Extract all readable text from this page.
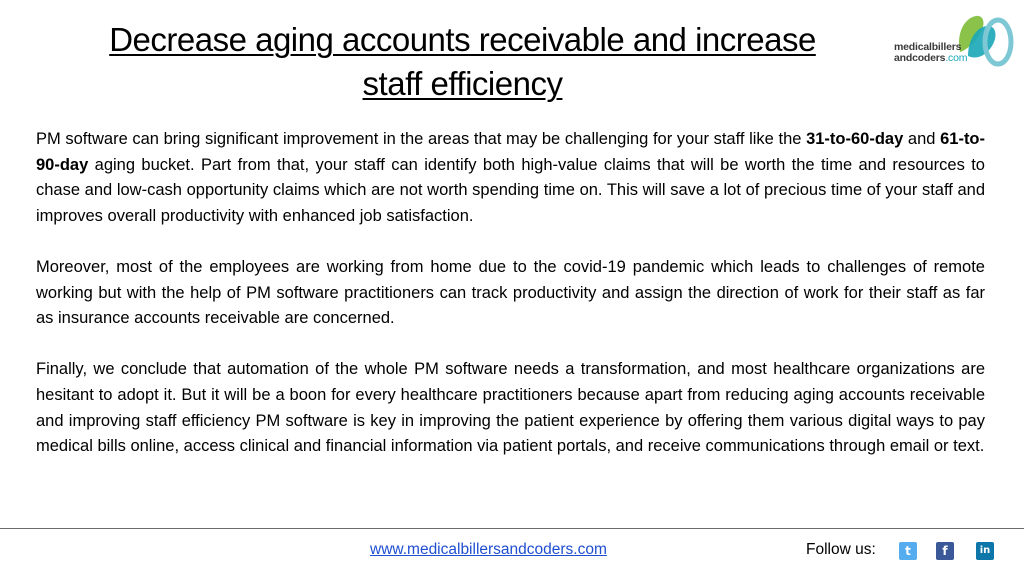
Decrease aging accounts receivable and increase
staff efficiency
medicalbillers
andcoders.com

PM software can bring significant improvement in the areas that may be challenging for your staff like the 31-to-60-day and 61-to-90-day aging bucket. Part from that, your staff can identify both high-value claims that will be worth the time and resources to chase and low-cash opportunity claims which are not worth spending time on. This will save a lot of precious time of your staff and improves overall productivity with enhanced job satisfaction.

Moreover, most of the employees are working from home due to the covid-19 pandemic which leads to challenges of remote working but with the help of PM software practitioners can track productivity and assign the direction of work for their staff as far as insurance accounts receivable are concerned.

Finally, we conclude that automation of the whole PM software needs a transformation, and most healthcare organizations are hesitant to adopt it. But it will be a boon for every healthcare practitioners because apart from reducing aging accounts receivable and improving staff efficiency PM software is key in improving the patient experience by offering them various digital ways to pay medical bills online, access clinical and financial information via patient portals, and receive communications through email or text.

www.medicalbillersandcoders.com	Follow us:	t	f	in
